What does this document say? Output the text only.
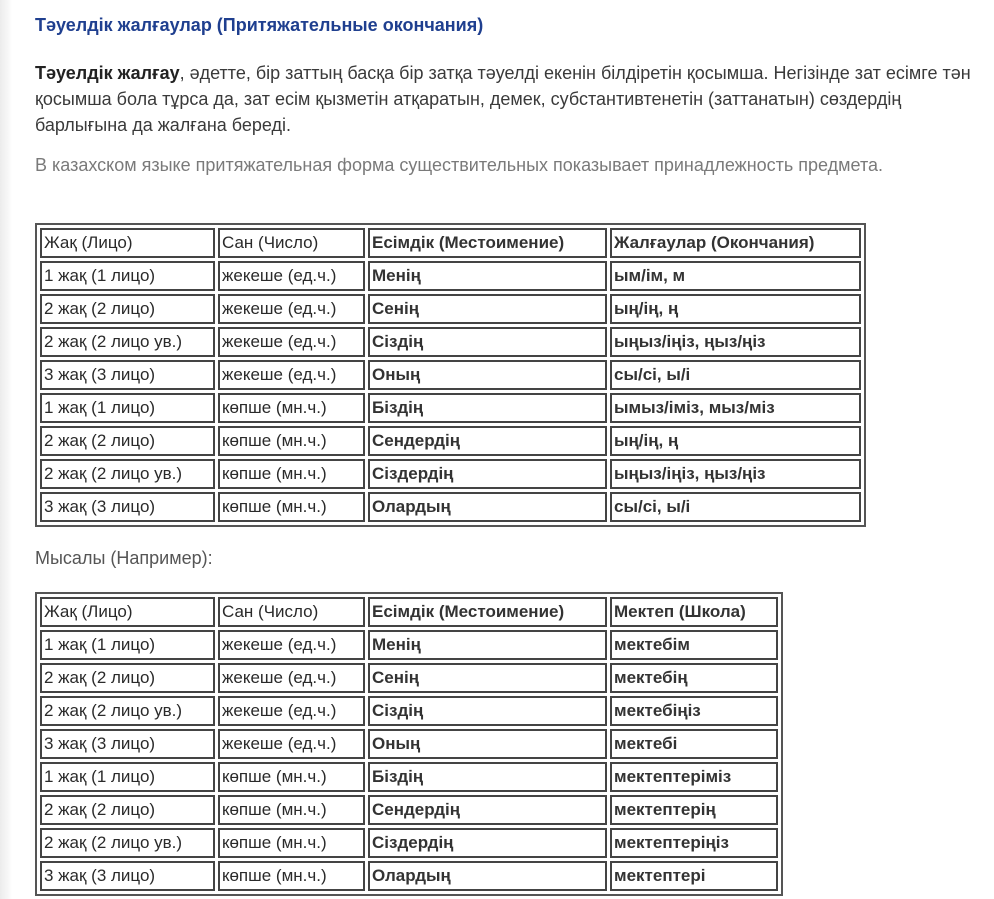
Тәуелдік жалғаулар (Притяжательные окончания)

Тәуелдік жалғау, әдетте, бір заттың басқа бір затқа тәуелді екенін білдіретін қосымша. Негізінде зат есімге тән қосымша бола тұрса да, зат есім қызметін атқаратын, демек, субстантивтенетін (заттанатын) сөздердің барлығына да жалғана береді.

В казахском языке притяжательная форма существительных показывает принадлежность предмета.

Жақ (Лицо)	Сан (Число)	Есімдік (Местоимение)	Жалғаулар (Окончания)
1 жақ (1 лицо)	жекеше (ед.ч.)	Менің	ым/ім, м
2 жақ (2 лицо)	жекеше (ед.ч.)	Сенің	ың/ің, ң
2 жақ (2 лицо ув.)	жекеше (ед.ч.)	Сіздің	ыңыз/іңіз, ңыз/ңіз
3 жақ (3 лицо)	жекеше (ед.ч.)	Оның	сы/сі, ы/і
1 жақ (1 лицо)	көпше (мн.ч.)	Біздің	ымыз/іміз, мыз/міз
2 жақ (2 лицо)	көпше (мн.ч.)	Сендердің	ың/ің, ң
2 жақ (2 лицо ув.)	көпше (мн.ч.)	Сіздердің	ыңыз/іңіз, ңыз/ңіз
3 жақ (3 лицо)	көпше (мн.ч.)	Олардың	сы/сі, ы/і

Мысалы (Например):

Жақ (Лицо)	Сан (Число)	Есімдік (Местоимение)	Мектеп (Школа)
1 жақ (1 лицо)	жекеше (ед.ч.)	Менің	мектебім
2 жақ (2 лицо)	жекеше (ед.ч.)	Сенің	мектебің
2 жақ (2 лицо ув.)	жекеше (ед.ч.)	Сіздің	мектебіңіз
3 жақ (3 лицо)	жекеше (ед.ч.)	Оның	мектебі
1 жақ (1 лицо)	көпше (мн.ч.)	Біздің	мектептеріміз
2 жақ (2 лицо)	көпше (мн.ч.)	Сендердің	мектептерің
2 жақ (2 лицо ув.)	көпше (мн.ч.)	Сіздердің	мектептеріңіз
3 жақ (3 лицо)	көпше (мн.ч.)	Олардың	мектептері
